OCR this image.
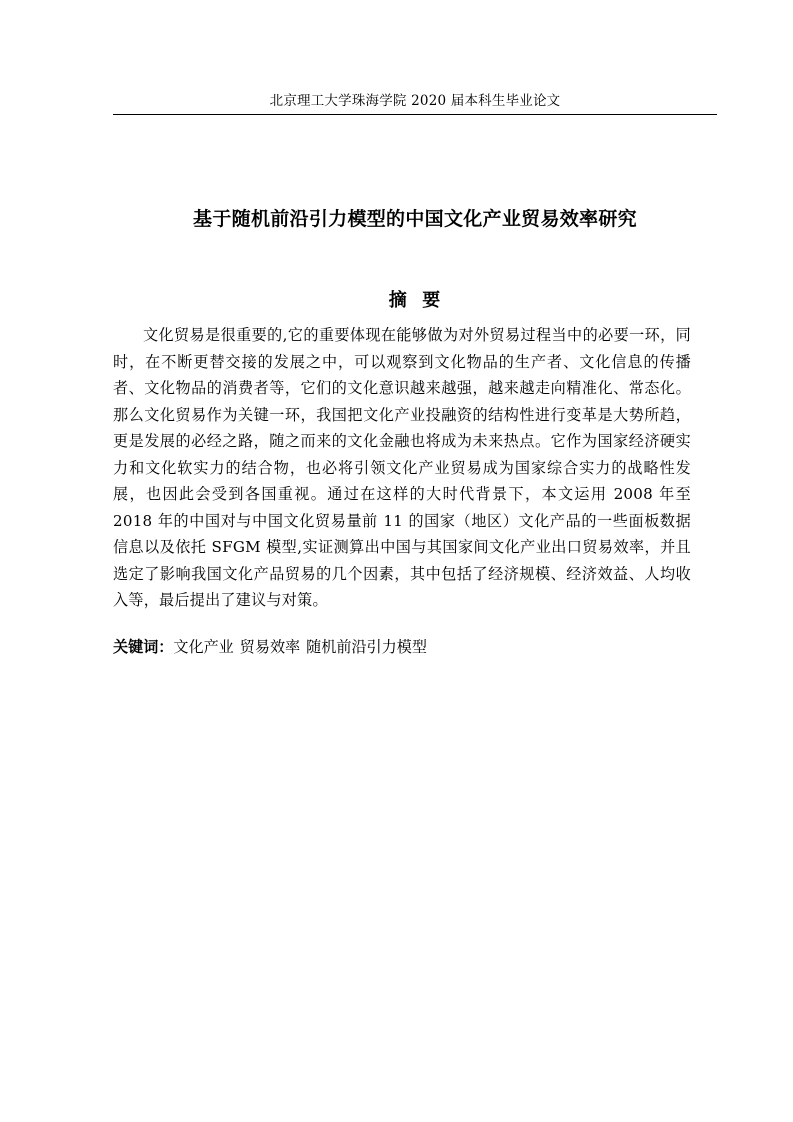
北京理工大学珠海学院 2020 届本科生毕业论文
基于随机前沿引力模型的中国文化产业贸易效率研究
摘  要

文化贸易是很重要的,它的重要体现在能够做为对外贸易过程当中的必要一环，同时，在不断更替交接的发展之中，可以观察到文化物品的生产者、文化信息的传播者、文化物品的消费者等，它们的文化意识越来越强，越来越走向精准化、常态化。那么文化贸易作为关键一环，我国把文化产业投融资的结构性进行变革是大势所趋，更是发展的必经之路，随之而来的文化金融也将成为未来热点。它作为国家经济硬实力和文化软实力的结合物，也必将引领文化产业贸易成为国家综合实力的战略性发展，也因此会受到各国重视。通过在这样的大时代背景下，本文运用 2008 年至 2018 年的中国对与中国文化贸易量前 11 的国家（地区）文化产品的一些面板数据信息以及依托 SFGM 模型,实证测算出中国与其国家间文化产业出口贸易效率，并且选定了影响我国文化产品贸易的几个因素，其中包括了经济规模、经济效益、人均收入等，最后提出了建议与对策。

关键词：文化产业 贸易效率 随机前沿引力模型
